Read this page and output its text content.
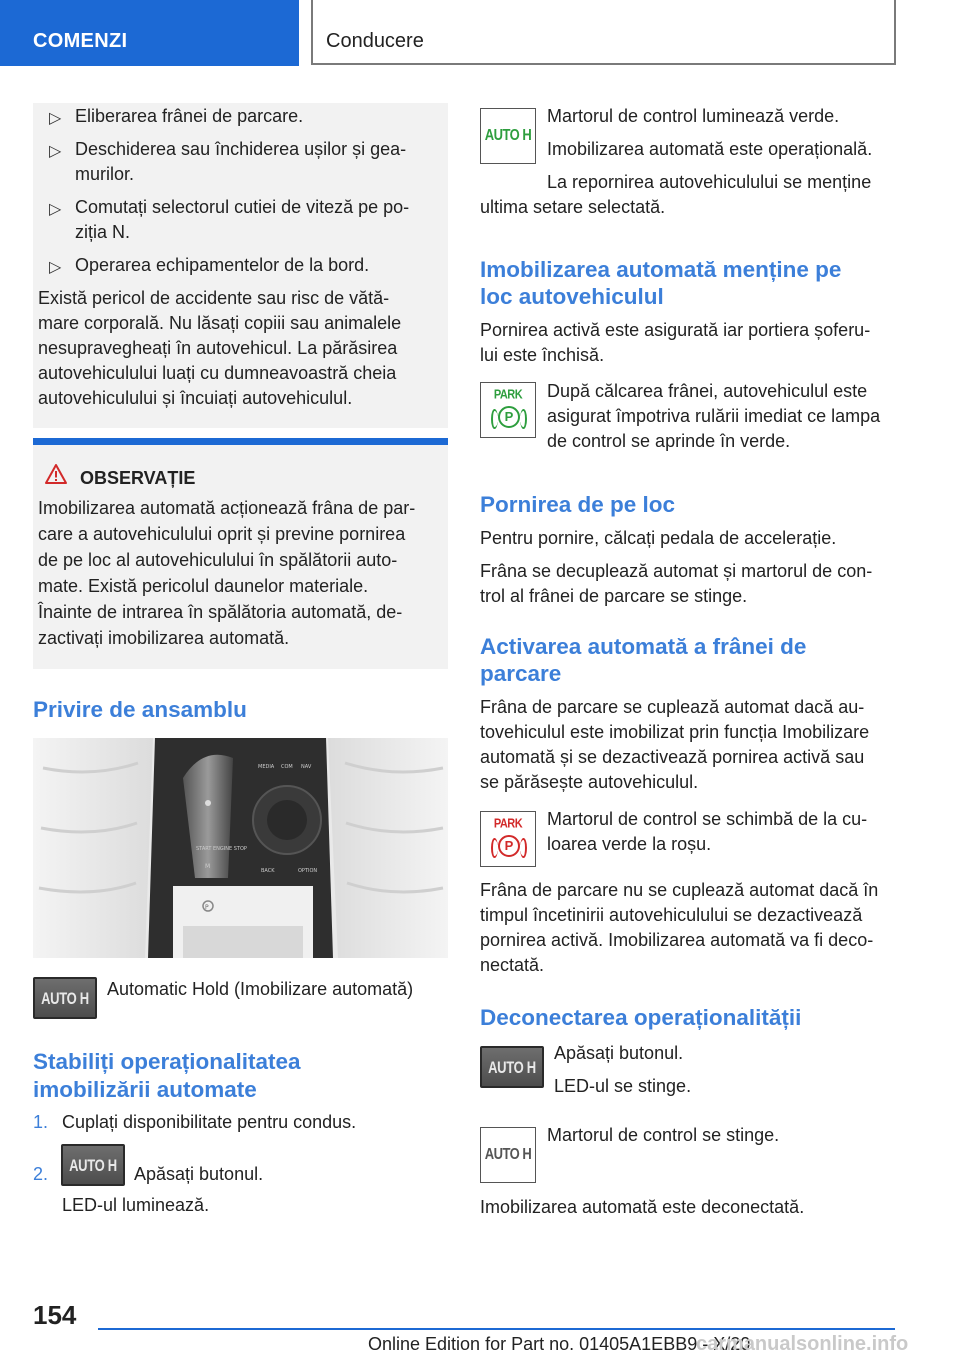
COMENZI	Conducere
▷ Eliberarea frânei de parcare.
▷ Deschiderea sau închiderea ușilor și gea-
murilor.
▷ Comutați selectorul cutiei de viteză pe po-
ziția N.
▷ Operarea echipamentelor de la bord.
Există pericol de accidente sau risc de vătă-
mare corporală. Nu lăsați copiii sau animalele
nesupravegheați în autovehicul. La părăsirea
autovehiculului luați cu dumneavoastră cheia
autovehiculului și încuiați autovehiculul.
OBSERVAȚIE
Imobilizarea automată acționează frâna de par-
care a autovehiculului oprit și previne pornirea
de pe loc al autovehiculului în spălătorii auto-
mate. Există pericolul daunelor materiale.
Înainte de intrarea în spălătoria automată, de-
zactivați imobilizarea automată.
Privire de ansamblu
START ENGINE STOP
MEDIA COM NAV
BACK	OPTION
M
P
AUTO H Automatic Hold (Imobilizare automată)
Stabiliți operaționalitatea
imobilizării automate
1. Cuplați disponibilitate pentru condus.
2. AUTO H Apăsați butonul.
LED-ul luminează.
AUTO H
Martorul de control luminează verde.
Imobilizarea automată este operațională.
La repornirea autovehiculului se menține
ultima setare selectată.
Imobilizarea automată menține pe
loc autovehiculul
Pornirea activă este asigurată iar portiera șoferu-
lui este închisă.
PARK
P
După călcarea frânei, autovehiculul este
asigurat împotriva rulării imediat ce lampa
de control se aprinde în verde.
Pornirea de pe loc
Pentru pornire, călcați pedala de accelerație.
Frâna se decuplează automat și martorul de con-
trol al frânei de parcare se stinge.
Activarea automată a frânei de
parcare
Frâna de parcare se cuplează automat dacă au-
tovehiculul este imobilizat prin funcția Imobilizare
automată și se dezactivează pornirea activă sau
se părăsește autovehiculul.
PARK
P
Martorul de control se schimbă de la cu-
loarea verde la roșu.
Frâna de parcare nu se cuplează automat dacă în
timpul încetinirii autovehiculului se dezactivează
pornirea activă. Imobilizarea automată va fi deco-
nectată.
Deconectarea operaționalității
AUTO H
Apăsați butonul.
LED-ul se stinge.
AUTO H
Martorul de control se stinge.
Imobilizarea automată este deconectată.
154
Online Edition for Part no. 01405A1EBB9 - X/20
carmanualsonline.info
